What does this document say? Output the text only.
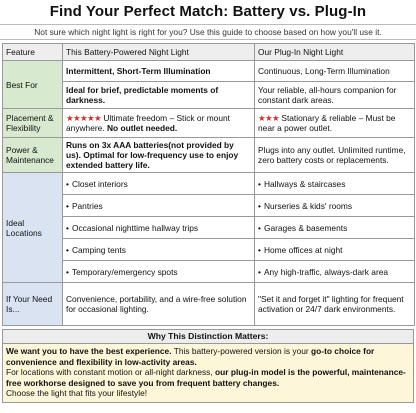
Find Your Perfect Match: Battery vs. Plug-In
Not sure which night light is right for you? Use this guide to choose based on how you'll use it.
Feature	This Battery-Powered Night Light	Our Plug-In Night Light
Best For	Intermittent, Short-Term Illumination	Continuous, Long-Term Illumination
	Ideal for brief, predictable moments of darkness.	Your reliable, all-hours companion for constant dark areas.
Placement & Flexibility	★★★★★ Ultimate freedom – Stick or mount anywhere. No outlet needed.	★★★ Stationary & reliable – Must be near a power outlet.
Power & Maintenance	Runs on 3x AAA batteries(not provided by us). Optimal for low-frequency use to enjoy extended battery life.	Plugs into any outlet. Unlimited runtime, zero battery costs or replacements.
Ideal Locations	• Closet interiors	• Hallways & staircases
	• Pantries	• Nurseries & kids' rooms
	• Occasional nighttime hallway trips	• Garages & basements
	• Camping tents	• Home offices at night
	• Temporary/emergency spots	• Any high-traffic, always-dark area
If Your Need Is...	Convenience, portability, and a wire-free solution for occasional lighting.	"Set it and forget it" lighting for frequent activation or 24/7 dark environments.
Why This Distinction Matters:

We want you to have the best experience. This battery-powered version is your go-to choice for convenience and flexibility in low-activity areas.

For locations with constant motion or all-night darkness, our plug-in model is the powerful, maintenance-free workhorse designed to save you from frequent battery changes.

Choose the light that fits your lifestyle!
